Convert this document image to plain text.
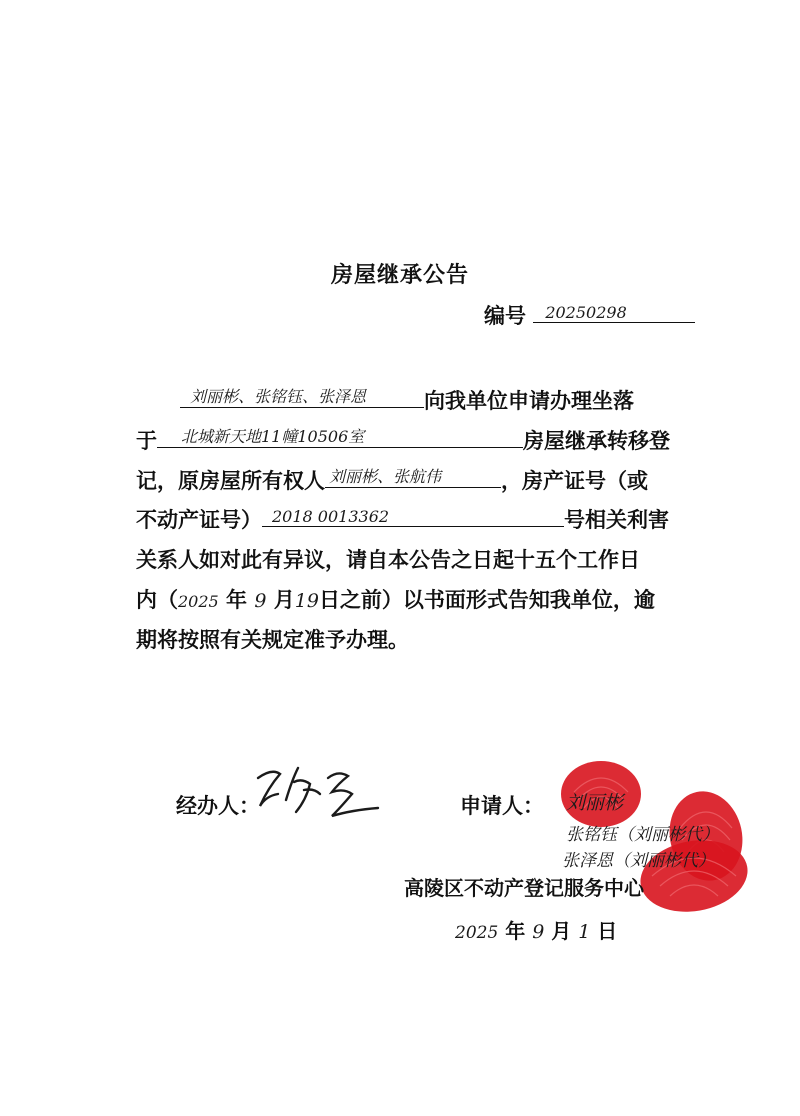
房屋继承公告
编号 20250298
刘丽彬、张铭钰、张泽恩	向我单位申请办理坐落
于 北城新天地11幢10506室	房屋继承转移登
记，原房屋所有权人 刘丽彬、张航伟	，房产证号（或
不动产证号） 2018 0013362	号相关利害
关系人如对此有异议，请自本公告之日起十五个工作日
内（2025 年 9 月19日之前）以书面形式告知我单位，逾
期将按照有关规定准予办理。
经办人：	申请人： 刘丽彬
张铭钰（刘丽彬代）
张泽恩（刘丽彬代）
高陵区不动产登记服务中心
2025 年 9 月 1 日
